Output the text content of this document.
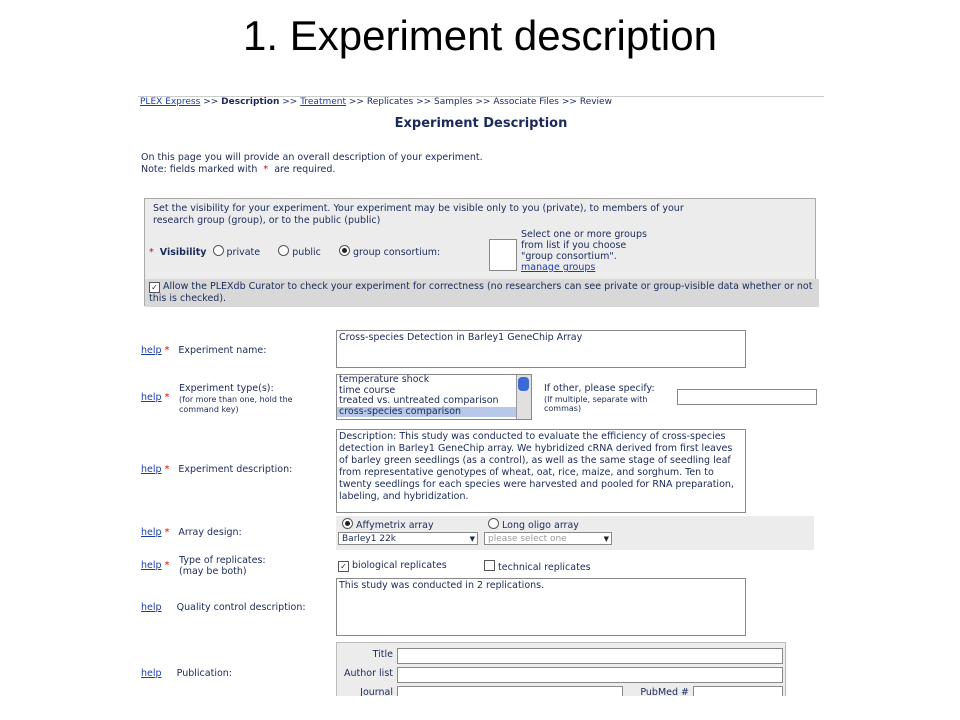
1. Experiment description
PLEX Express >> Description >> Treatment >> Replicates >> Samples >> Associate Files >> Review
Experiment Description
On this page you will provide an overall description of your experiment.
Note: fields marked with * are required.
Set the visibility for your experiment. Your experiment may be visible only to you (private), to members of your
research group (group), or to the public (public)
* Visibility private	public	group consortium:
Select one or more groups
from list if you choose
"group consortium".
manage groups
✓ Allow the PLEXdb Curator to check your experiment for correctness (no researchers can see private or group-visible data whether or not this is checked).
help * Experiment name:
Cross-species Detection in Barley1 GeneChip Array
help *
Experiment type(s):
(for more than one, hold the
command key)
temperature shock
time course
treated vs. untreated comparison
cross-species comparison
If other, please specify:
(If multiple, separate with
commas)
help * Experiment description:
Description: This study was conducted to evaluate the efficiency of cross-species detection in Barley1 GeneChip array. We hybridized cRNA derived from first leaves of barley green seedlings (as a control), as well as the same stage of seedling leaf from representative genotypes of wheat, oat, rice, maize, and sorghum. Ten to twenty seedlings for each species were harvested and pooled for RNA preparation, labeling, and hybridization.
help * Array design:
Affymetrix array	Long oligo array
Barley1 22k	▼	please select one	▼
help * Type of replicates:
(may be both)	✓ biological replicates	technical replicates
help Quality control description:
This study was conducted in 2 replications.
help Publication:
Title
Author list
Journal	PubMed #
